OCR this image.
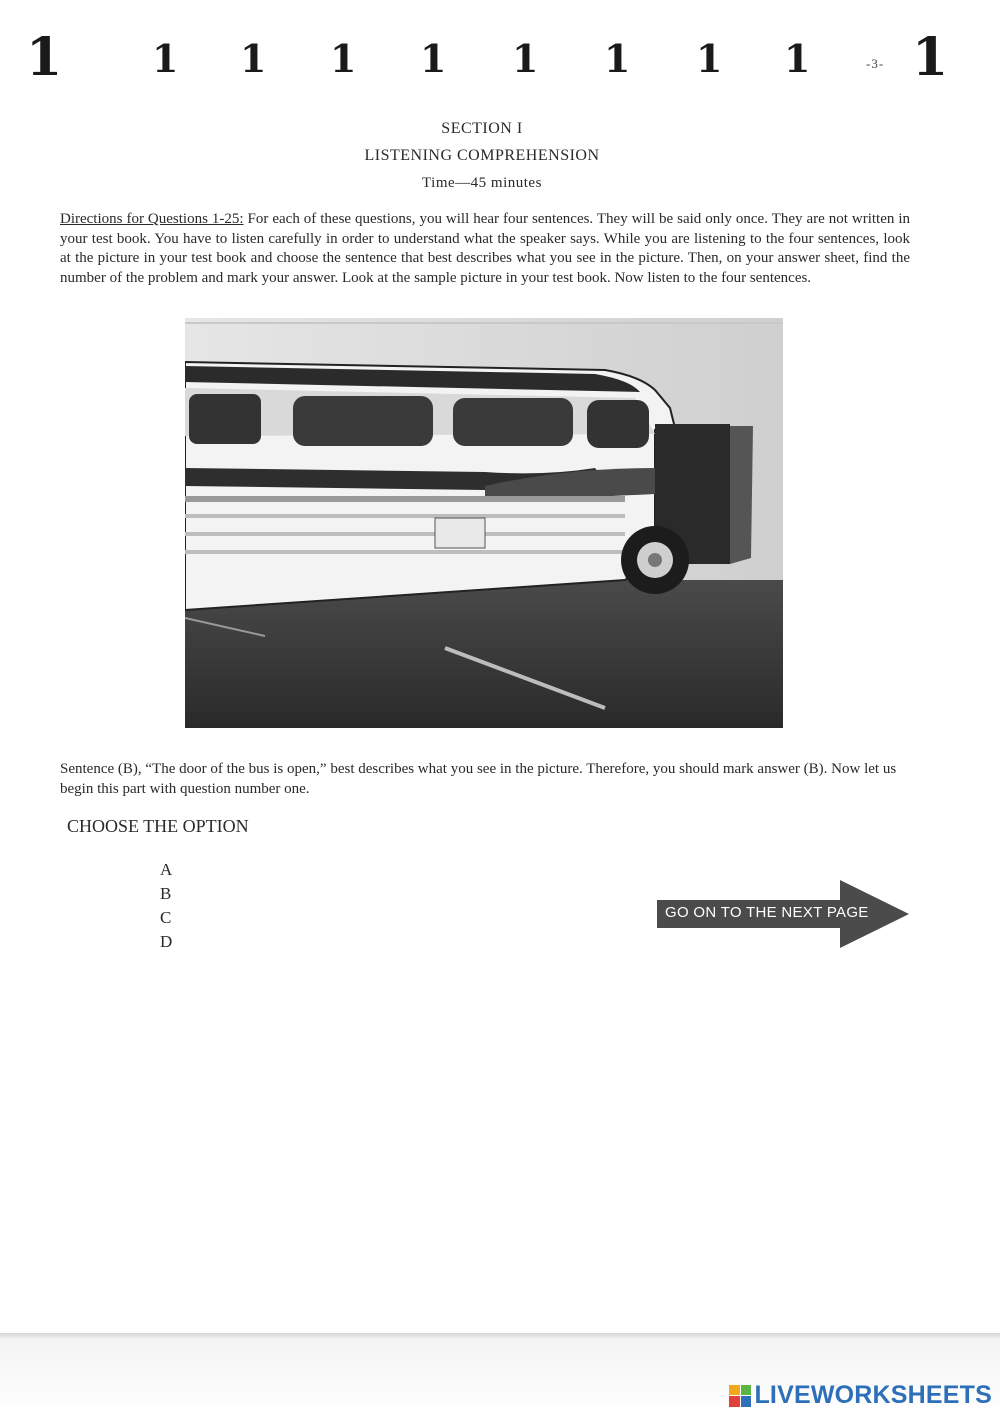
1 1 1 1 1 1 1 1 1 1
-3-
SECTION I
LISTENING COMPREHENSION
Time—45 minutes
Directions for Questions 1-25: For each of these questions, you will hear four sentences. They will be said only once. They are not written in your test book. You have to listen carefully in order to understand what the speaker says. While you are listening to the four sentences, look at the picture in your test book and choose the sentence that best describes what you see in the picture. Then, on your answer sheet, find the number of the problem and mark your answer. Look at the sample picture in your test book. Now listen to the four sentences.
Sentence (B), “The door of the bus is open,” best describes what you see in the picture. Therefore, you should mark answer (B). Now let us begin this part with question number one.
CHOOSE THE OPTION
A
B
C
D
GO ON TO THE NEXT PAGE
LIVEWORKSHEETS
